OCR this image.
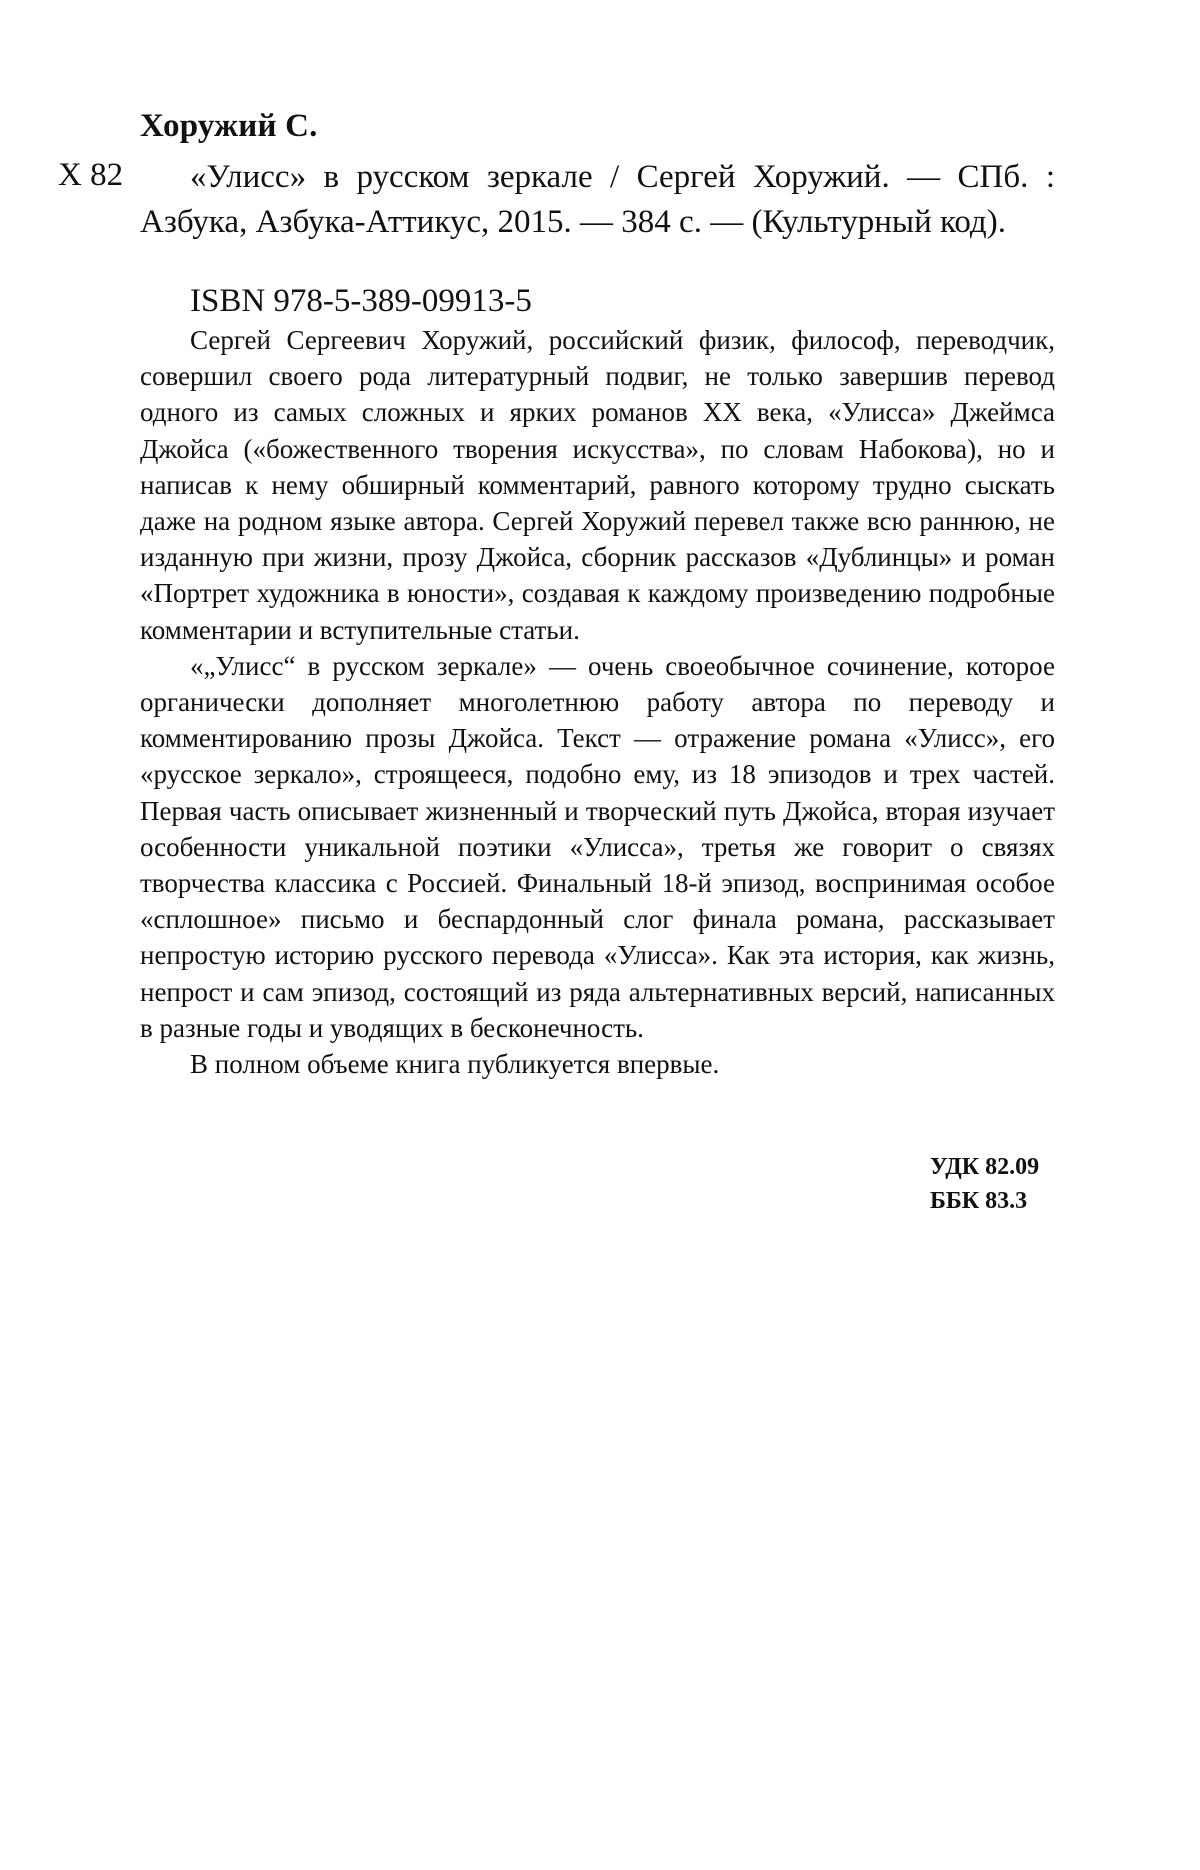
Хоружий С.
Х 82	«Улисс» в русском зеркале / Сергей Хоружий. — СПб. : Азбука, Азбука-Аттикус, 2015. — 384 с. — (Культурный код).

ISBN 978-5-389-09913-5

Сергей Сергеевич Хоружий, российский физик, философ, переводчик, совершил своего рода литературный подвиг, не только завершив перевод одного из самых сложных и ярких романов ХХ века, «Улисса» Джеймса Джойса («божественного творения искусства», по словам Набокова), но и написав к нему обширный комментарий, равного которому трудно сыскать даже на родном языке автора. Сергей Хоружий перевел также всю раннюю, не изданную при жизни, прозу Джойса, сборник рассказов «Дублинцы» и роман «Портрет художника в юности», создавая к каждому произведению подробные комментарии и вступительные статьи.

«„Улисс“ в русском зеркале» — очень своеобычное сочинение, которое органически дополняет многолетнюю работу автора по переводу и комментированию прозы Джойса. Текст — отражение романа «Улисс», его «русское зеркало», строящееся, подобно ему, из 18 эпизодов и трех частей. Первая часть описывает жизненный и творческий путь Джойса, вторая изучает особенности уникальной поэтики «Улисса», третья же говорит о связях творчества классика с Россией. Финальный 18-й эпизод, воспринимая особое «сплошное» письмо и беспардонный слог финала романа, рассказывает непростую историю русского перевода «Улисса». Как эта история, как жизнь, непрост и сам эпизод, состоящий из ряда альтернативных версий, написанных в разные годы и уводящих в бесконечность.

В полном объеме книга публикуется впервые.

УДК 82.09
ББК 83.3
